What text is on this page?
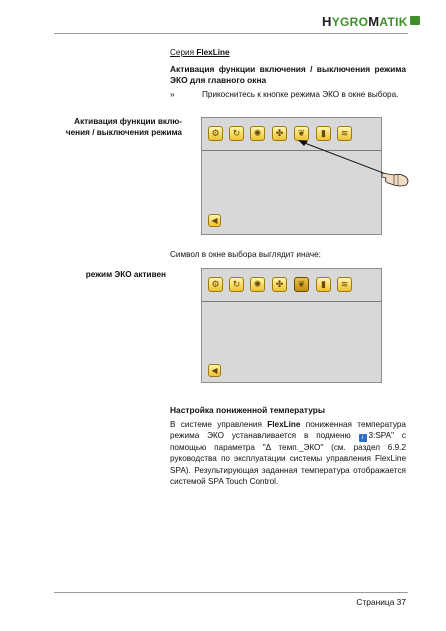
HYGROMATIK
Серия FlexLine
Активация функции включения / выключения режима ЭКО для главного окна
»	Прикоснитесь к кнопке режима ЭКО в окне выбора.
Активация функции вклю-
чения / выключения режима	⚙	↻	✺	✤	❦	▮	≋
◀
Символ в окне выбора выглядит иначе:
режим ЭКО активен
⚙	↻	✺	✤	❦	▮	≋
◀
Настройка пониженной температуры
В системе управления FlexLine пониженная температура режима ЭКО устанавливается в подменю i 3:SPA" с помощью параметра "Δ темп._ЭКО" (см. раздел 6.9.2 руководства по эксплуатации системы управления FlexLine SPA). Результирующая заданная температура отображается системой SPA Touch Control.
Страница 37
